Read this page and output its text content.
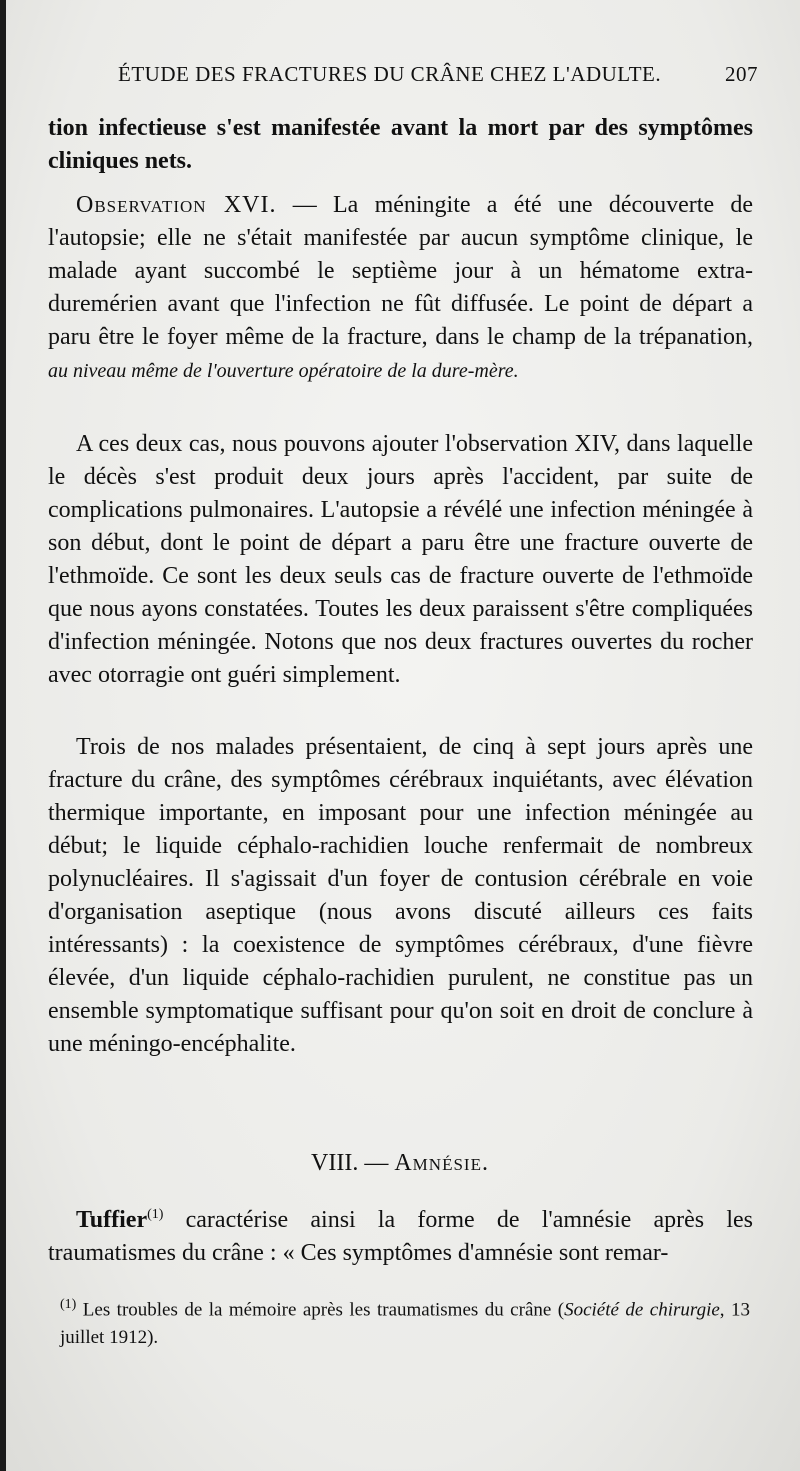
ÉTUDE DES FRACTURES DU CRÂNE CHEZ L'ADULTE.	207

tion infectieuse s'est manifestée avant la mort par des symptômes cliniques nets.

Observation XVI. — La méningite a été une découverte de l'autopsie; elle ne s'était manifestée par aucun symptôme clinique, le malade ayant succombé le septième jour à un hématome extra-duremérien avant que l'infection ne fût diffusée. Le point de départ a paru être le foyer même de la fracture, dans le champ de la trépanation, au niveau même de l'ouverture opératoire de la dure-mère.

A ces deux cas, nous pouvons ajouter l'observation XIV, dans laquelle le décès s'est produit deux jours après l'accident, par suite de complications pulmonaires. L'autopsie a révélé une infection méningée à son début, dont le point de départ a paru être une fracture ouverte de l'ethmoïde. Ce sont les deux seuls cas de fracture ouverte de l'ethmoïde que nous ayons constatées. Toutes les deux paraissent s'être compliquées d'infection méningée. Notons que nos deux fractures ouvertes du rocher avec otorragie ont guéri simplement.

Trois de nos malades présentaient, de cinq à sept jours après une fracture du crâne, des symptômes cérébraux inquiétants, avec élévation thermique importante, en imposant pour une infection méningée au début; le liquide céphalo-rachidien louche renfermait de nombreux polynucléaires. Il s'agissait d'un foyer de contusion cérébrale en voie d'organisation aseptique (nous avons discuté ailleurs ces faits intéressants) : la coexistence de symptômes cérébraux, d'une fièvre élevée, d'un liquide céphalo-rachidien purulent, ne constitue pas un ensemble symptomatique suffisant pour qu'on soit en droit de conclure à une méningo-encéphalite.

VIII. — Amnésie.

Tuffier$^{(1)}$ caractérise ainsi la forme de l'amnésie après les traumatismes du crâne : « Ces symptômes d'amnésie sont remar-

$^{(1)}$ Les troubles de la mémoire après les traumatismes du crâne (Société de chirurgie, 13 juillet 1912).
